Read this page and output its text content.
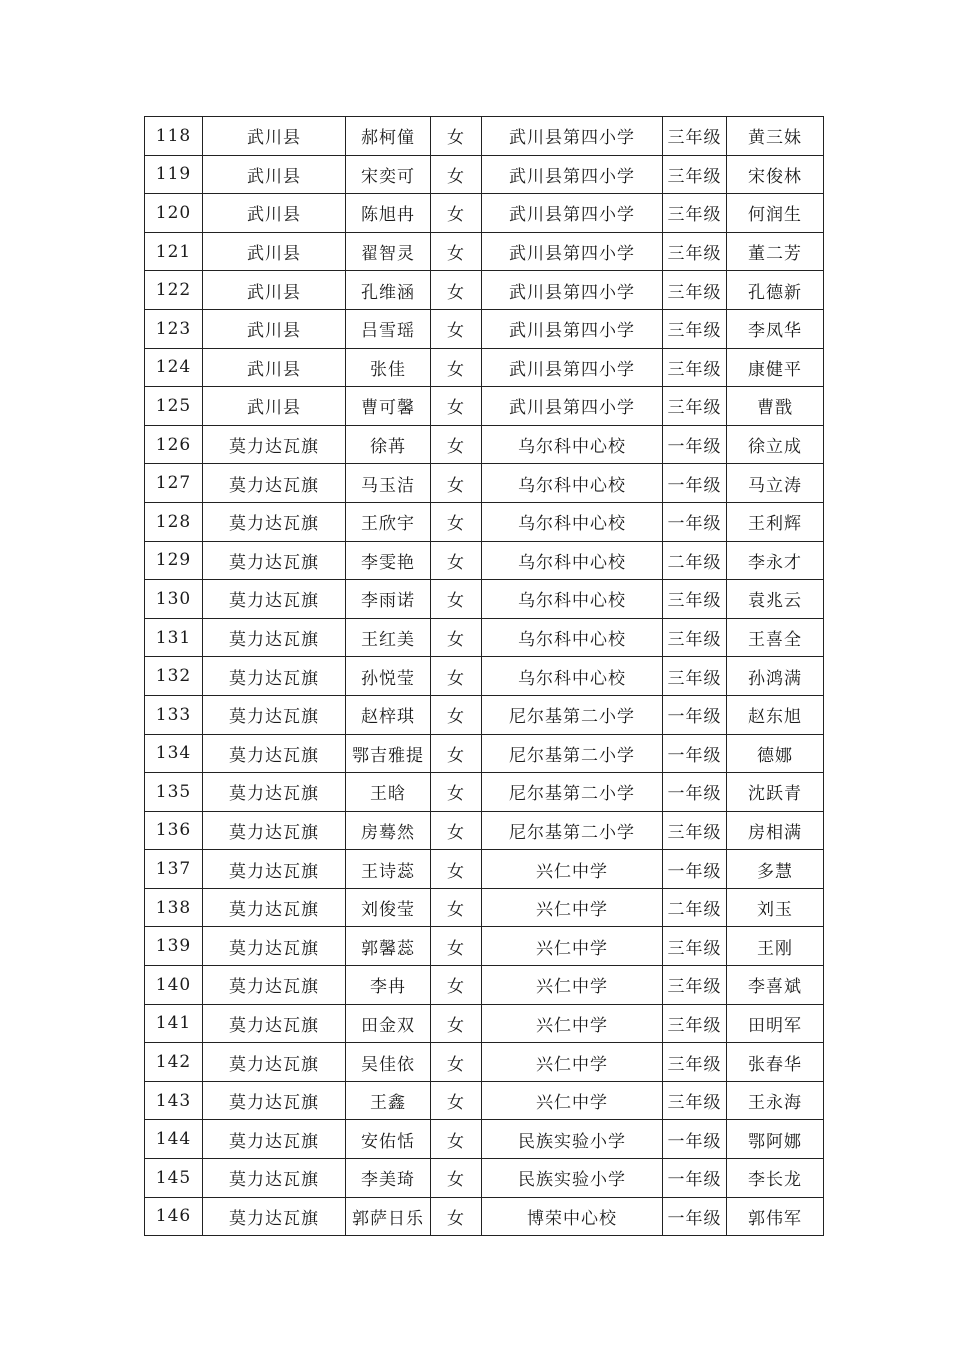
118	武川县	郝柯僮	女	武川县第四小学	三年级	黄三妹
119	武川县	宋奕可	女	武川县第四小学	三年级	宋俊林
120	武川县	陈旭冉	女	武川县第四小学	三年级	何润生
121	武川县	翟智灵	女	武川县第四小学	三年级	董二芳
122	武川县	孔维涵	女	武川县第四小学	三年级	孔德新
123	武川县	吕雪瑶	女	武川县第四小学	三年级	李凤华
124	武川县	张佳	女	武川县第四小学	三年级	康健平
125	武川县	曹可馨	女	武川县第四小学	三年级	曹戬
126	莫力达瓦旗	徐苒	女	乌尔科中心校	一年级	徐立成
127	莫力达瓦旗	马玉洁	女	乌尔科中心校	一年级	马立涛
128	莫力达瓦旗	王欣宇	女	乌尔科中心校	一年级	王利辉
129	莫力达瓦旗	李雯艳	女	乌尔科中心校	二年级	李永才
130	莫力达瓦旗	李雨诺	女	乌尔科中心校	三年级	袁兆云
131	莫力达瓦旗	王红美	女	乌尔科中心校	三年级	王喜全
132	莫力达瓦旗	孙悦莹	女	乌尔科中心校	三年级	孙鸿满
133	莫力达瓦旗	赵梓琪	女	尼尔基第二小学	一年级	赵东旭
134	莫力达瓦旗	鄂吉雅提	女	尼尔基第二小学	一年级	德娜
135	莫力达瓦旗	王晗	女	尼尔基第二小学	一年级	沈跃青
136	莫力达瓦旗	房蓦然	女	尼尔基第二小学	三年级	房相满
137	莫力达瓦旗	王诗蕊	女	兴仁中学	一年级	多慧
138	莫力达瓦旗	刘俊莹	女	兴仁中学	二年级	刘玉
139	莫力达瓦旗	郭馨蕊	女	兴仁中学	三年级	王刚
140	莫力达瓦旗	李冉	女	兴仁中学	三年级	李喜斌
141	莫力达瓦旗	田金双	女	兴仁中学	三年级	田明军
142	莫力达瓦旗	吴佳依	女	兴仁中学	三年级	张春华
143	莫力达瓦旗	王鑫	女	兴仁中学	三年级	王永海
144	莫力达瓦旗	安佑恬	女	民族实验小学	一年级	鄂阿娜
145	莫力达瓦旗	李美琦	女	民族实验小学	一年级	李长龙
146	莫力达瓦旗	郭萨日乐	女	博荣中心校	一年级	郭伟军
